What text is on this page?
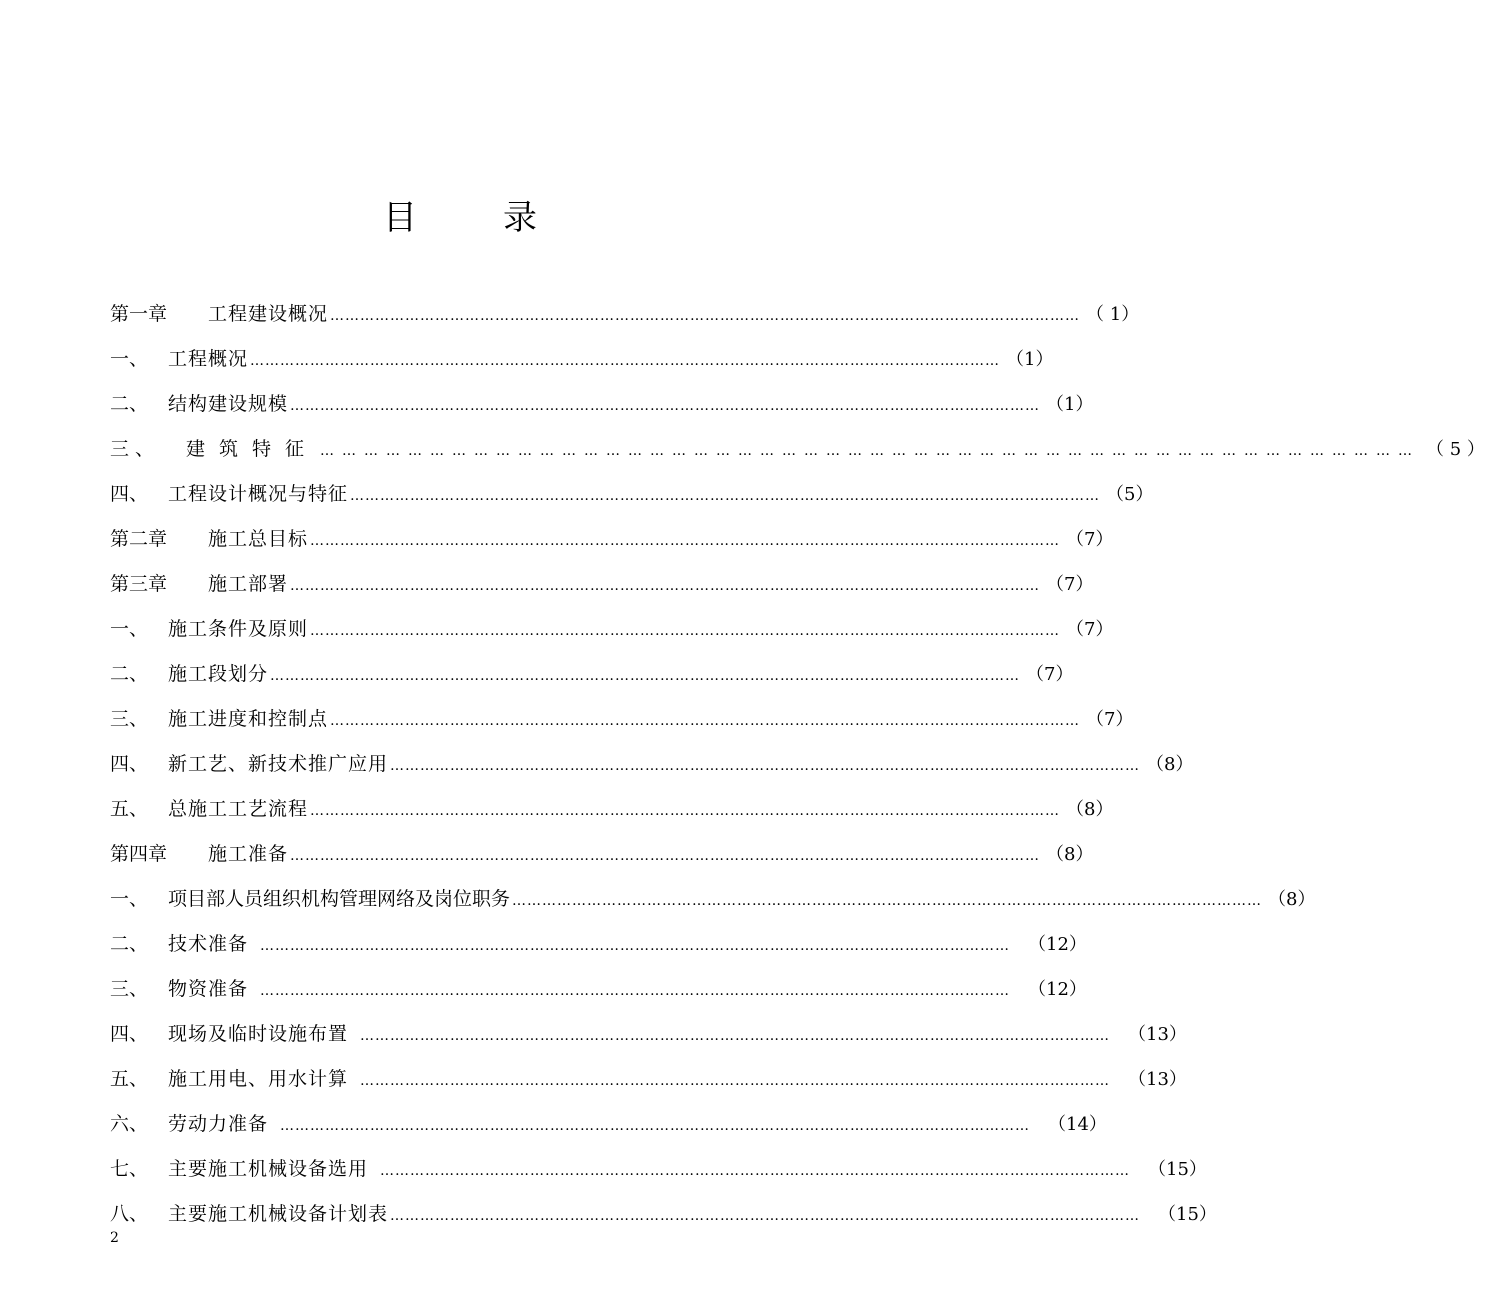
目	录
第一章	工程建设概况 …………………………………………………………………………………………………………………………………… （ 1）
一、	工程概况 …………………………………………………………………………………………………………………………………… （1）
二、	结构建设规模 …………………………………………………………………………………………………………………………………… （1）
三 、	建筑特征 …………………………………………………………………………………………………………………………………… （ 5 ）
四、	工程设计概况与特征 …………………………………………………………………………………………………………………………………… （5）
第二章	施工总目标 …………………………………………………………………………………………………………………………………… （7）
第三章	施工部署 …………………………………………………………………………………………………………………………………… （7）
一、	施工条件及原则 …………………………………………………………………………………………………………………………………… （7）
二、	施工段划分 …………………………………………………………………………………………………………………………………… （7）
三、	施工进度和控制点 …………………………………………………………………………………………………………………………………… （7）
四、	新工艺、新技术推广应用 …………………………………………………………………………………………………………………………………… （8）
五、	总施工工艺流程 …………………………………………………………………………………………………………………………………… （8）
第四章	施工准备 …………………………………………………………………………………………………………………………………… （8）
一、	项目部人员组织机构管理网络及岗位职务 …………………………………………………………………………………………………………………………………… （8）
二、	技术准备 ……………………………………………………………………………………………………………………………………	（12）
三、	物资准备 ……………………………………………………………………………………………………………………………………	（12）
四、	现场及临时设施布置 ……………………………………………………………………………………………………………………………………	（13）
五、	施工用电、用水计算 ……………………………………………………………………………………………………………………………………	（13）
六、	劳动力准备 ……………………………………………………………………………………………………………………………………	（14）
七、	主要施工机械设备选用 ……………………………………………………………………………………………………………………………………	（15）
八、	主要施工机械设备计划表 ……………………………………………………………………………………………………………………………………	（15）
2
